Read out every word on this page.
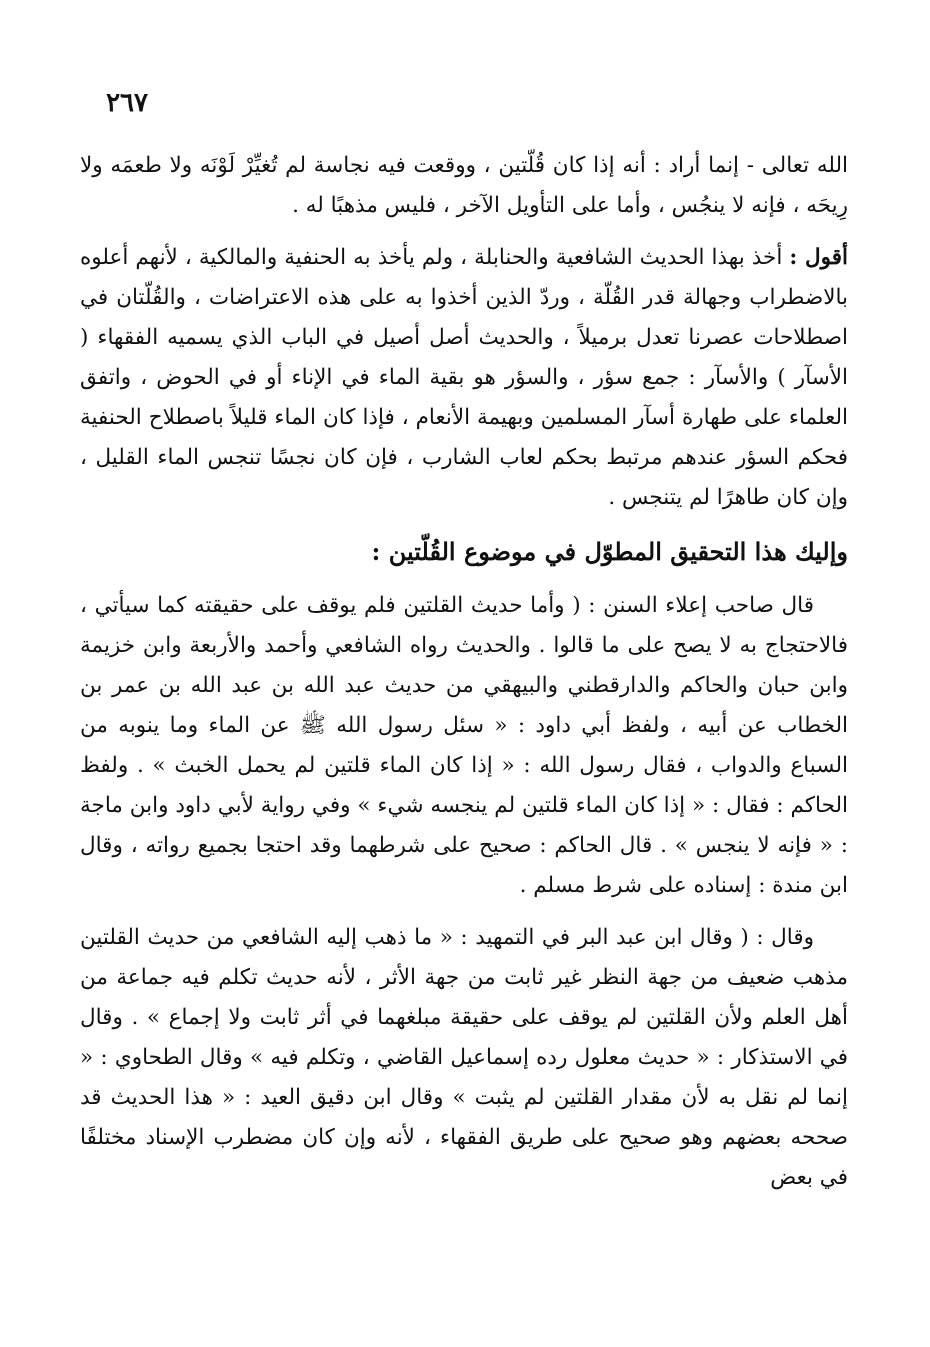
٢٦٧

الله تعالى - إنما أراد : أنه إذا كان قُلّتين ، ووقعت فيه نجاسة لم تُغيِّرْ لَوْنَه ولا طعمَه ولا رِيحَه ، فإنه لا ينجُس ، وأما على التأويل الآخر ، فليس مذهبًا له .

أقول : أخذ بهذا الحديث الشافعية والحنابلة ، ولم يأخذ به الحنفية والمالكية ، لأنهم أعلوه بالاضطراب وجهالة قدر القُلّة ، وردّ الذين أخذوا به على هذه الاعتراضات ، والقُلّتان في اصطلاحات عصرنا تعدل برميلاً ، والحديث أصل أصيل في الباب الذي يسميه الفقهاء ( الأسآر ) والأسآر : جمع سؤر ، والسؤر هو بقية الماء في الإناء أو في الحوض ، واتفق العلماء على طهارة أسآر المسلمين وبهيمة الأنعام ، فإذا كان الماء قليلاً باصطلاح الحنفية فحكم السؤر عندهم مرتبط بحكم لعاب الشارب ، فإن كان نجسًا تنجس الماء القليل ، وإن كان طاهرًا لم يتنجس .

وإليك هذا التحقيق المطوّل في موضوع القُلّتين :

قال صاحب إعلاء السنن : ( وأما حديث القلتين فلم يوقف على حقيقته كما سيأتي ، فالاحتجاج به لا يصح على ما قالوا . والحديث رواه الشافعي وأحمد والأربعة وابن خزيمة وابن حبان والحاكم والدارقطني والبيهقي من حديث عبد الله بن عبد الله بن عمر بن الخطاب عن أبيه ، ولفظ أبي داود : « سئل رسول الله ﷺ عن الماء وما ينوبه من السباع والدواب ، فقال رسول الله : « إذا كان الماء قلتين لم يحمل الخبث » . ولفظ الحاكم : فقال : « إذا كان الماء قلتين لم ينجسه شيء » وفي رواية لأبي داود وابن ماجة : « فإنه لا ينجس » . قال الحاكم : صحيح على شرطهما وقد احتجا بجميع رواته ، وقال ابن مندة : إسناده على شرط مسلم .

وقال : ( وقال ابن عبد البر في التمهيد : « ما ذهب إليه الشافعي من حديث القلتين مذهب ضعيف من جهة النظر غير ثابت من جهة الأثر ، لأنه حديث تكلم فيه جماعة من أهل العلم ولأن القلتين لم يوقف على حقيقة مبلغهما في أثر ثابت ولا إجماع » . وقال في الاستذكار : « حديث معلول رده إسماعيل القاضي ، وتكلم فيه » وقال الطحاوي : « إنما لم نقل به لأن مقدار القلتين لم يثبت » وقال ابن دقيق العيد : « هذا الحديث قد صححه بعضهم وهو صحيح على طريق الفقهاء ، لأنه وإن كان مضطرب الإسناد مختلفًا في بعض
